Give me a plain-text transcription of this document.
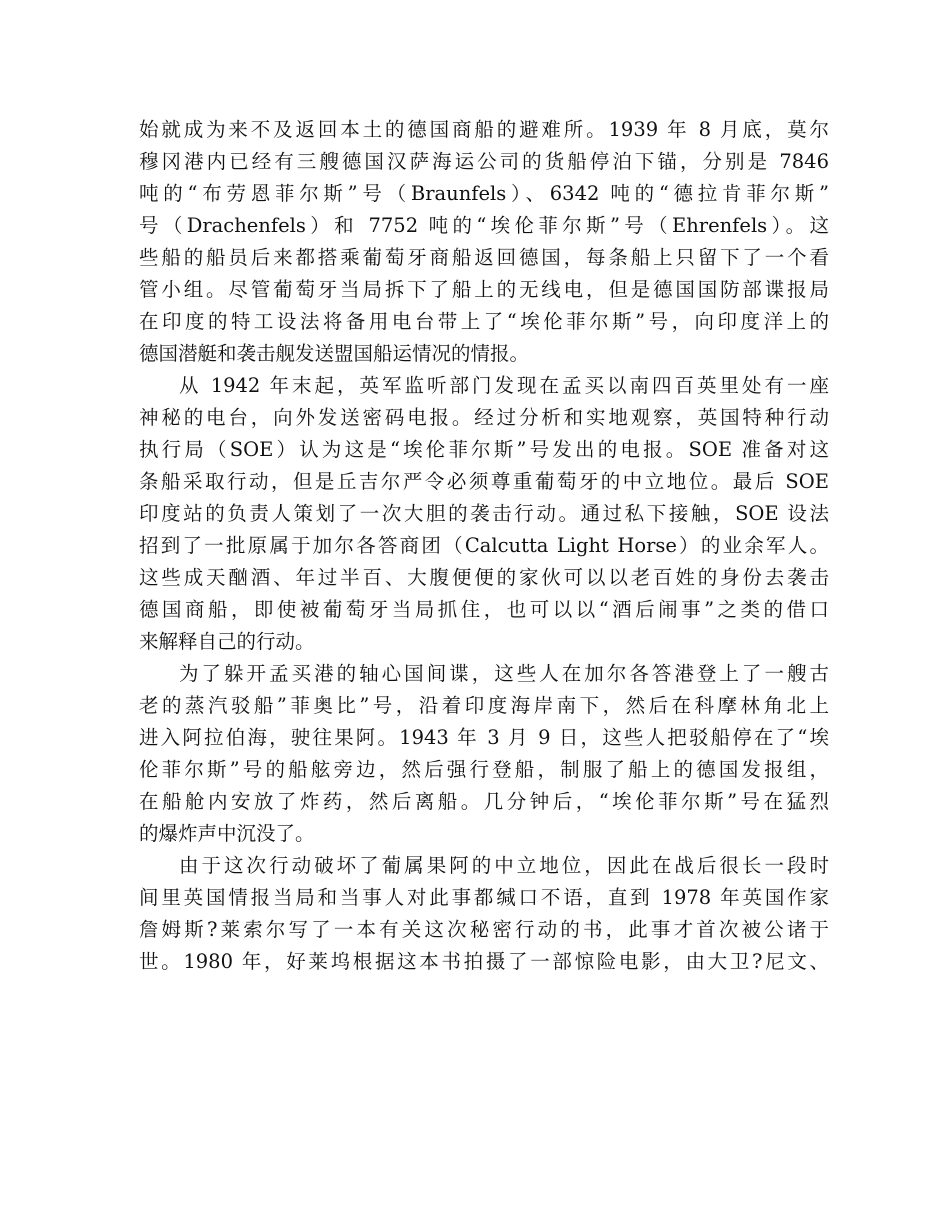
始就成为来不及返回本土的德国商船的避难所。1939 年 8 月底，莫尔
穆冈港内已经有三艘德国汉萨海运公司的货船停泊下锚，分别是 7846
吨的“布劳恩菲尔斯”号（Braunfels）、6342 吨的“德拉肯菲尔斯”
号（Drachenfels）和 7752 吨的“埃伦菲尔斯”号（Ehrenfels）。这
些船的船员后来都搭乘葡萄牙商船返回德国，每条船上只留下了一个看
管小组。尽管葡萄牙当局拆下了船上的无线电，但是德国国防部谍报局
在印度的特工设法将备用电台带上了“埃伦菲尔斯”号，向印度洋上的
德国潜艇和袭击舰发送盟国船运情况的情报。
从 1942 年末起，英军监听部门发现在孟买以南四百英里处有一座
神秘的电台，向外发送密码电报。经过分析和实地观察，英国特种行动
执行局（SOE）认为这是“埃伦菲尔斯”号发出的电报。SOE 准备对这
条船采取行动，但是丘吉尔严令必须尊重葡萄牙的中立地位。最后 SOE
印度站的负责人策划了一次大胆的袭击行动。通过私下接触，SOE 设法
招到了一批原属于加尔各答商团（Calcutta Light Horse）的业余军人。
这些成天酗酒、年过半百、大腹便便的家伙可以以老百姓的身份去袭击
德国商船，即使被葡萄牙当局抓住，也可以以“酒后闹事”之类的借口
来解释自己的行动。
为了躲开孟买港的轴心国间谍，这些人在加尔各答港登上了一艘古
老的蒸汽驳船”菲奥比”号，沿着印度海岸南下，然后在科摩林角北上
进入阿拉伯海，驶往果阿。1943 年 3 月 9 日，这些人把驳船停在了“埃
伦菲尔斯”号的船舷旁边，然后强行登船，制服了船上的德国发报组，
在船舱内安放了炸药，然后离船。几分钟后，“埃伦菲尔斯”号在猛烈
的爆炸声中沉没了。
由于这次行动破坏了葡属果阿的中立地位，因此在战后很长一段时
间里英国情报当局和当事人对此事都缄口不语，直到 1978 年英国作家
詹姆斯?莱索尔写了一本有关这次秘密行动的书，此事才首次被公诸于
世。1980 年，好莱坞根据这本书拍摄了一部惊险电影，由大卫?尼文、
